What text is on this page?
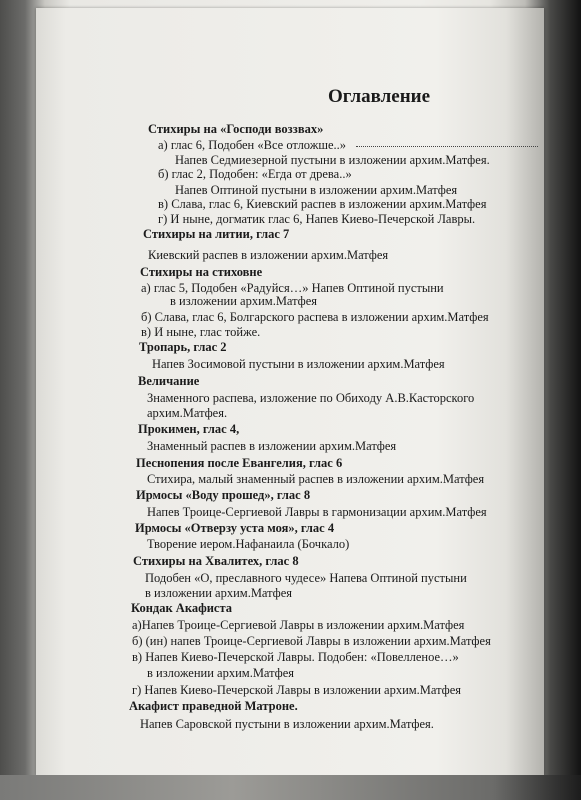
Оглавление
Стихиры на «Господи воззвах»
а) глас 6, Подобен «Все отложше..»
Напев Седмиезерной пустыни в изложении архим.Матфея.
б) глас 2, Подобен: «Егда от древа..»
Напев Оптиной пустыни в изложении архим.Матфея
в) Слава, глас 6, Киевский распев в изложении архим.Матфея
г) И ныне, догматик глас 6, Напев Киево-Печерской Лавры.
Стихиры на литии, глас 7
Киевский распев в изложении архим.Матфея
Стихиры на стиховне
а) глас 5, Подобен «Радуйся…» Напев Оптиной пустыни
в изложении архим.Матфея
б) Слава, глас 6, Болгарского распева в изложении архим.Матфея
в) И ныне, глас тойже.
Тропарь, глас 2
Напев Зосимовой пустыни в изложении архим.Матфея
Величание
Знаменного распева, изложение по Обиходу А.В.Касторского
архим.Матфея.
Прокимен, глас 4,
Знаменный распев в изложении архим.Матфея
Песнопения после Евангелия, глас 6
Стихира, малый знаменный распев в изложении архим.Матфея
Ирмосы «Воду прошед», глас 8
Напев Троице-Сергиевой Лавры в гармонизации архим.Матфея
Ирмосы «Отверзу уста моя», глас 4
Творение иером.Нафанаила (Бочкало)
Стихиры на Хвалитех, глас 8
Подобен «О, преславного чудесе» Напева Оптиной пустыни
в изложении архим.Матфея
Кондак Акафиста
а)Напев Троице-Сергиевой Лавры в изложении архим.Матфея
б) (ин) напев Троице-Сергиевой Лавры в изложении архим.Матфея
в) Напев Киево-Печерской Лавры. Подобен: «Повелленое…»
в изложении архим.Матфея
г) Напев Киево-Печерской Лавры в изложении архим.Матфея
Акафист праведной Матроне.
Напев Саровской пустыни в изложении архим.Матфея.
